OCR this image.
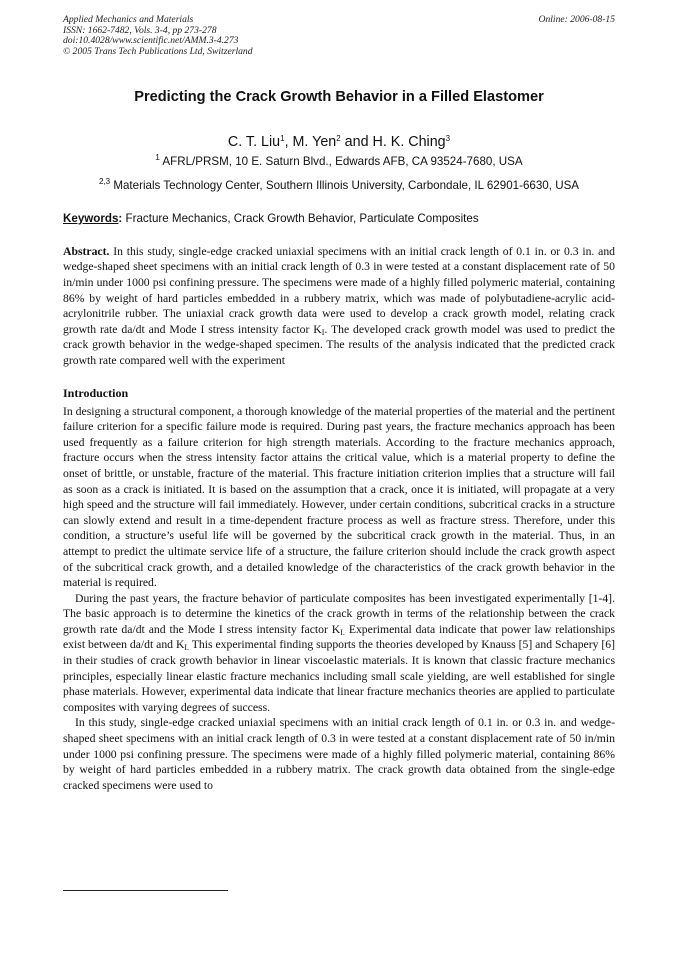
Applied Mechanics and Materials
ISSN: 1662-7482, Vols. 3-4, pp 273-278
doi:10.4028/www.scientific.net/AMM.3-4.273
© 2005 Trans Tech Publications Ltd, Switzerland
Online: 2006-08-15
Predicting the Crack Growth Behavior in a Filled Elastomer
C. T. Liu$^1$, M. Yen$^2$ and H. K. Ching$^3$
$^1$ AFRL/PRSM, 10 E. Saturn Blvd., Edwards AFB, CA 93524-7680, USA
$^{2,3}$ Materials Technology Center, Southern Illinois University, Carbondale, IL 62901-6630, USA
Keywords: Fracture Mechanics, Crack Growth Behavior, Particulate Composites

Abstract. In this study, single-edge cracked uniaxial specimens with an initial crack length of 0.1 in. or 0.3 in. and wedge-shaped sheet specimens with an initial crack length of 0.3 in were tested at a constant displacement rate of 50 in/min under 1000 psi confining pressure. The specimens were made of a highly filled polymeric material, containing 86% by weight of hard particles embedded in a rubbery matrix, which was made of polybutadiene-acrylic acid-acrylonitrile rubber. The uniaxial crack growth data were used to develop a crack growth model, relating crack growth rate da/dt and Mode I stress intensity factor $K_I$. The developed crack growth model was used to predict the crack growth behavior in the wedge-shaped specimen. The results of the analysis indicated that the predicted crack growth rate compared well with the experiment

Introduction

In designing a structural component, a thorough knowledge of the material properties of the material and the pertinent failure criterion for a specific failure mode is required. During past years, the fracture mechanics approach has been used frequently as a failure criterion for high strength materials. According to the fracture mechanics approach, fracture occurs when the stress intensity factor attains the critical value, which is a material property to define the onset of brittle, or unstable, fracture of the material. This fracture initiation criterion implies that a structure will fail as soon as a crack is initiated. It is based on the assumption that a crack, once it is initiated, will propagate at a very high speed and the structure will fail immediately. However, under certain conditions, subcritical cracks in a structure can slowly extend and result in a time-dependent fracture process as well as fracture stress. Therefore, under this condition, a structure’s useful life will be governed by the subcritical crack growth in the material. Thus, in an attempt to predict the ultimate service life of a structure, the failure criterion should include the crack growth aspect of the subcritical crack growth, and a detailed knowledge of the characteristics of the crack growth behavior in the material is required.

During the past years, the fracture behavior of particulate composites has been investigated experimentally [1-4]. The basic approach is to determine the kinetics of the crack growth in terms of the relationship between the crack growth rate da/dt and the Mode I stress intensity factor $K_{I.}$ Experimental data indicate that power law relationships exist between da/dt and $K_{I.}$ This experimental finding supports the theories developed by Knauss [5] and Schapery [6] in their studies of crack growth behavior in linear viscoelastic materials. It is known that classic fracture mechanics principles, especially linear elastic fracture mechanics including small scale yielding, are well established for single phase materials. However, experimental data indicate that linear fracture mechanics theories are applied to particulate composites with varying degrees of success.

In this study, single-edge cracked uniaxial specimens with an initial crack length of 0.1 in. or 0.3 in. and wedge-shaped sheet specimens with an initial crack length of 0.3 in were tested at a constant displacement rate of 50 in/min under 1000 psi confining pressure. The specimens were made of a highly filled polymeric material, containing 86% by weight of hard particles embedded in a rubbery matrix. The crack growth data obtained from the single-edge cracked specimens were used to
